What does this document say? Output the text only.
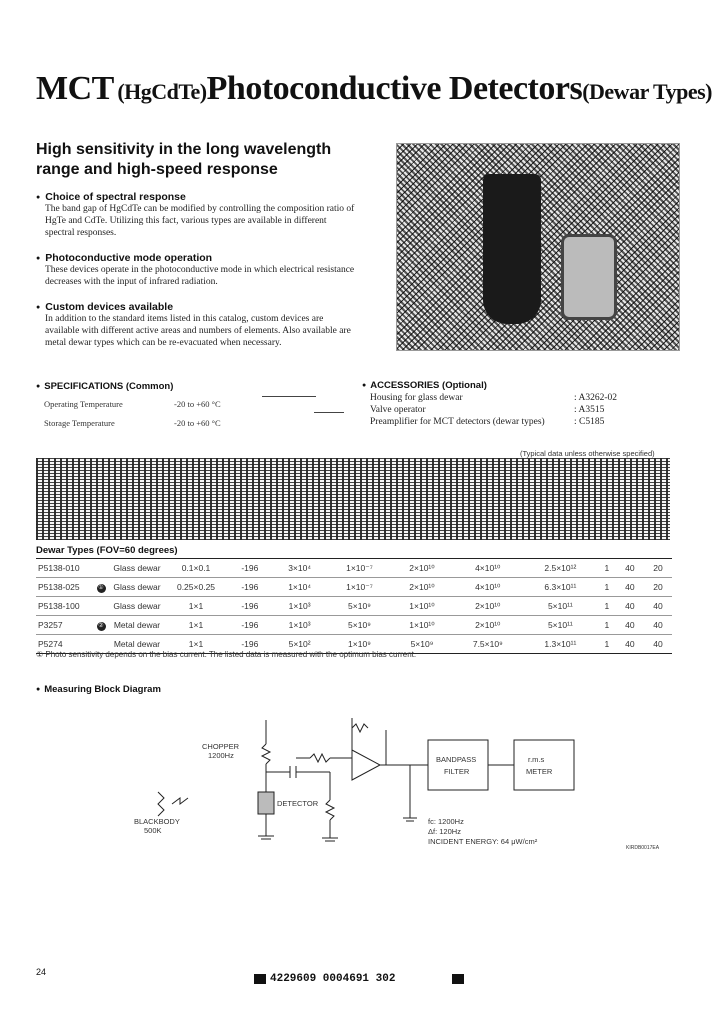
MCT (HgCdTe)Photoconductive Detectors(Dewar Types)
High sensitivity in the long wavelength range and high-speed response
● Choice of spectral response
The band gap of HgCdTe can be modified by controlling the composition ratio of HgTe and CdTe. Utilizing this fact, various types are available in different spectral responses.
● Photoconductive mode operation
These devices operate in the photoconductive mode in which electrical resistance decreases with the input of infrared radiation.
● Custom devices available
In addition to the standard items listed in this catalog, custom devices are available with different active areas and numbers of elements. Also available are metal dewar types which can be re-evacuated when necessary.
● SPECIFICATIONS (Common)
Operating Temperature	-20 to +60 °C
Storage Temperature	-20 to +60 °C
● ACCESSORIES (Optional)
Housing for glass dewar	: A3262-02
Valve operator	: A3515
Preamplifier for MCT detectors (dewar types)	: C5185
(Typical data unless otherwise specified)
Dewar Types (FOV=60 degrees)
P5138-010		Glass dewar	0.1×0.1	-196	3×10⁴	1×10⁻⁷	2×10¹⁰	4×10¹⁰	2.5×10¹²	1	40	20
P5138-025	①	Glass dewar	0.25×0.25	-196	1×10⁴	1×10⁻⁷	2×10¹⁰	4×10¹⁰	6.3×10¹¹	1	40	20
P5138-100		Glass dewar	1×1	-196	1×10³	5×10⁹	1×10¹⁰	2×10¹⁰	5×10¹¹	1	40	40
P3257	②	Metal dewar	1×1	-196	1×10³	5×10⁹	1×10¹⁰	2×10¹⁰	5×10¹¹	1	40	40
P5274		Metal dewar	1×1	-196	5×10²	1×10⁹	5×10⁹	7.5×10⁹	1.3×10¹¹	1	40	40
① Photo sensitivity depends on the bias current. The listed data is measured with the optimum bias current.
● Measuring Block Diagram
CHOPPER
1200Hz
DETECTOR
BLACKBODY
500K
BANDPASS
FILTER
r.m.s
METER
fc: 1200Hz
Δf: 120Hz
INCIDENT ENERGY: 64 μW/cm²
KIRDB0017EA
24
4229609 0004691 302
